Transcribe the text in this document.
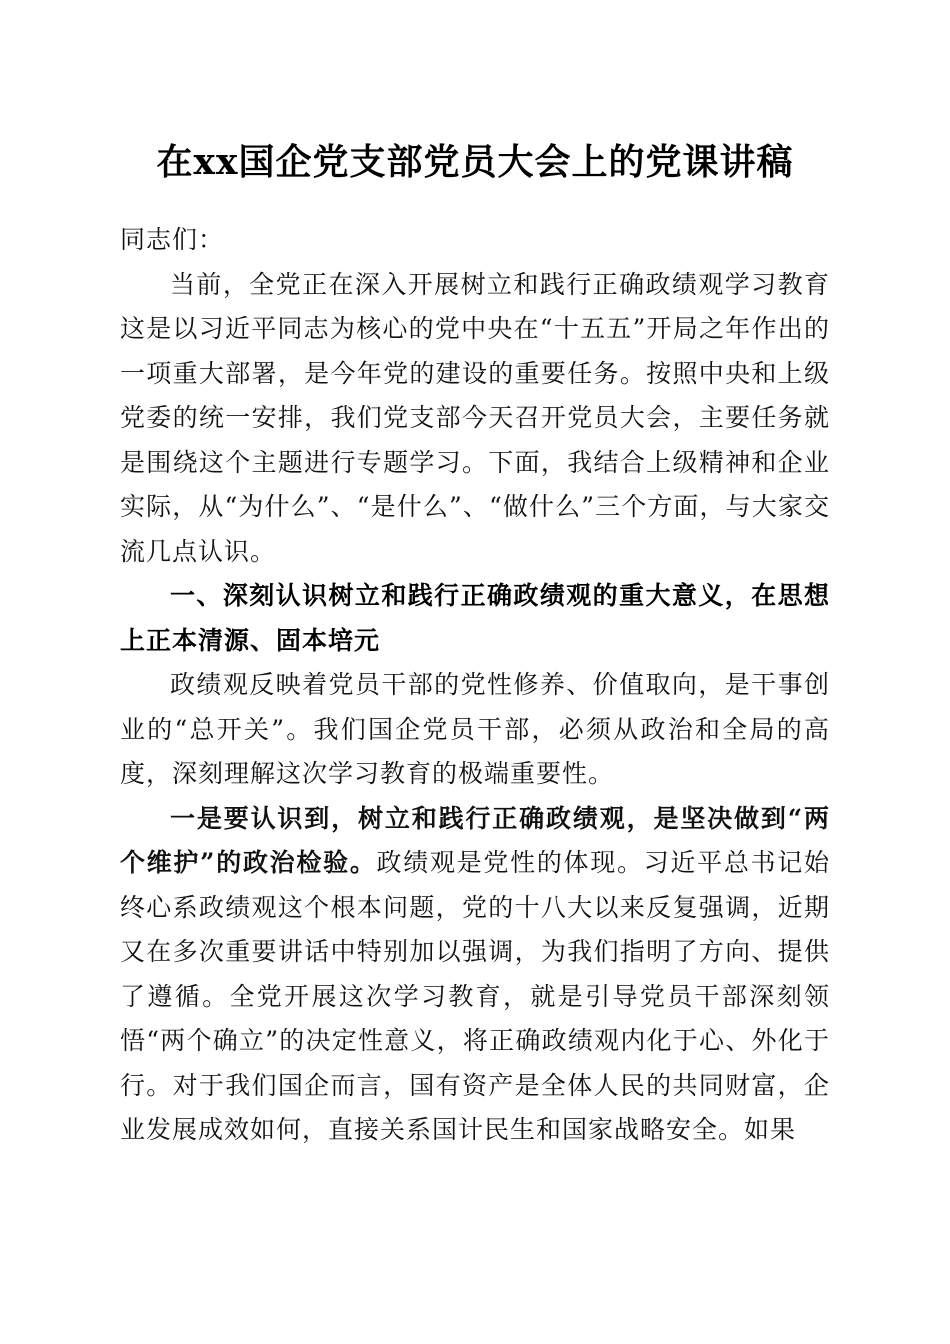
在xx国企党支部党员大会上的党课讲稿

同志们：

当前，全党正在深入开展树立和践行正确政绩观学习教育这是以习近平同志为核心的党中央在“十五五”开局之年作出的一项重大部署，是今年党的建设的重要任务。按照中央和上级党委的统一安排，我们党支部今天召开党员大会，主要任务就是围绕这个主题进行专题学习。下面，我结合上级精神和企业实际，从“为什么”、“是什么”、“做什么”三个方面，与大家交流几点认识。

一、深刻认识树立和践行正确政绩观的重大意义，在思想上正本清源、固本培元

政绩观反映着党员干部的党性修养、价值取向，是干事创业的“总开关”。我们国企党员干部，必须从政治和全局的高度，深刻理解这次学习教育的极端重要性。

一是要认识到，树立和践行正确政绩观，是坚决做到“两个维护”的政治检验。政绩观是党性的体现。习近平总书记始终心系政绩观这个根本问题，党的十八大以来反复强调，近期又在多次重要讲话中特别加以强调，为我们指明了方向、提供了遵循。全党开展这次学习教育，就是引导党员干部深刻领悟“两个确立”的决定性意义，将正确政绩观内化于心、外化于行。对于我们国企而言，国有资产是全体人民的共同财富，企业发展成效如何，直接关系国计民生和国家战略安全。如果
